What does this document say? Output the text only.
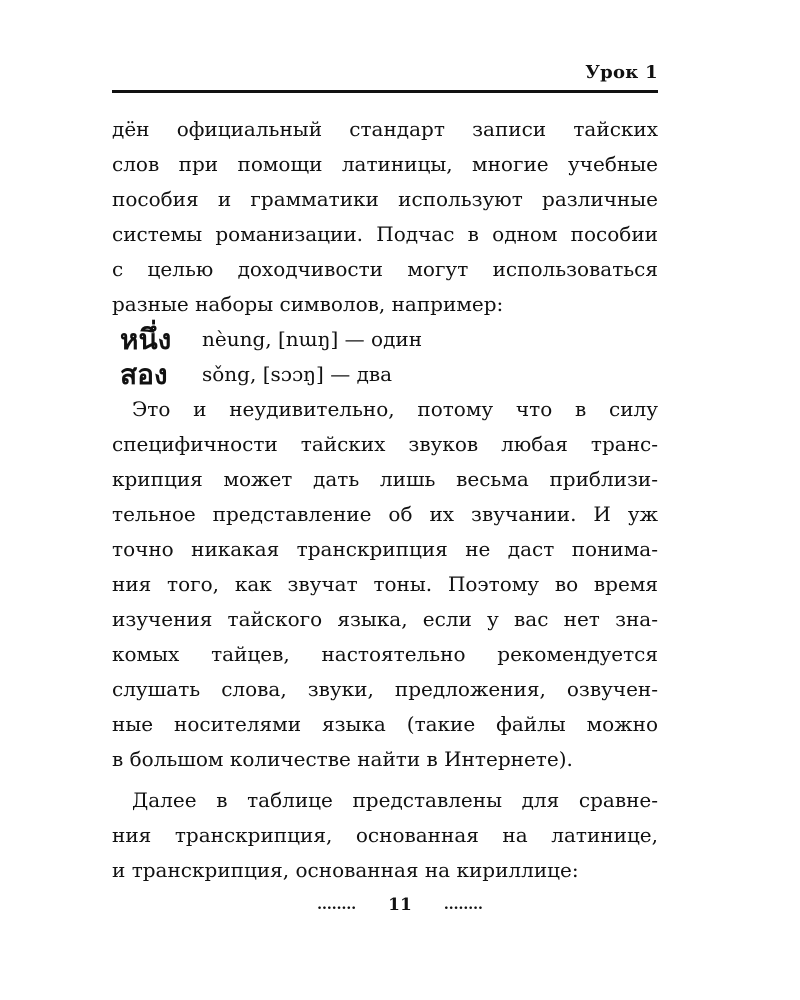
Урок 1
дён официальный стандарт записи тайских
слов при помощи латиницы, многие учебные
пособия и грамматики используют различные
системы романизации. Подчас в одном пособии
с целью доходчивости могут использоваться
разные наборы символов, например:
หนึ่ง	nèung, [nɯŋ] — один
สอง	sǒng, [sɔɔŋ] — два
Это и неудивительно, потому что в силу
специфичности тайских звуков любая транс-
крипция может дать лишь весьма приблизи-
тельное представление об их звучании. И уж
точно никакая транскрипция не даст понима-
ния того, как звучат тоны. Поэтому во время
изучения тайского языка, если у вас нет зна-
комых тайцев, настоятельно рекомендуется
слушать слова, звуки, предложения, озвучен-
ные носителями языка (такие файлы можно
в большом количестве найти в Интернете).
Далее в таблице представлены для сравне-
ния транскрипция, основанная на латинице,
и транскрипция, основанная на кириллице:
........ 11 ........
